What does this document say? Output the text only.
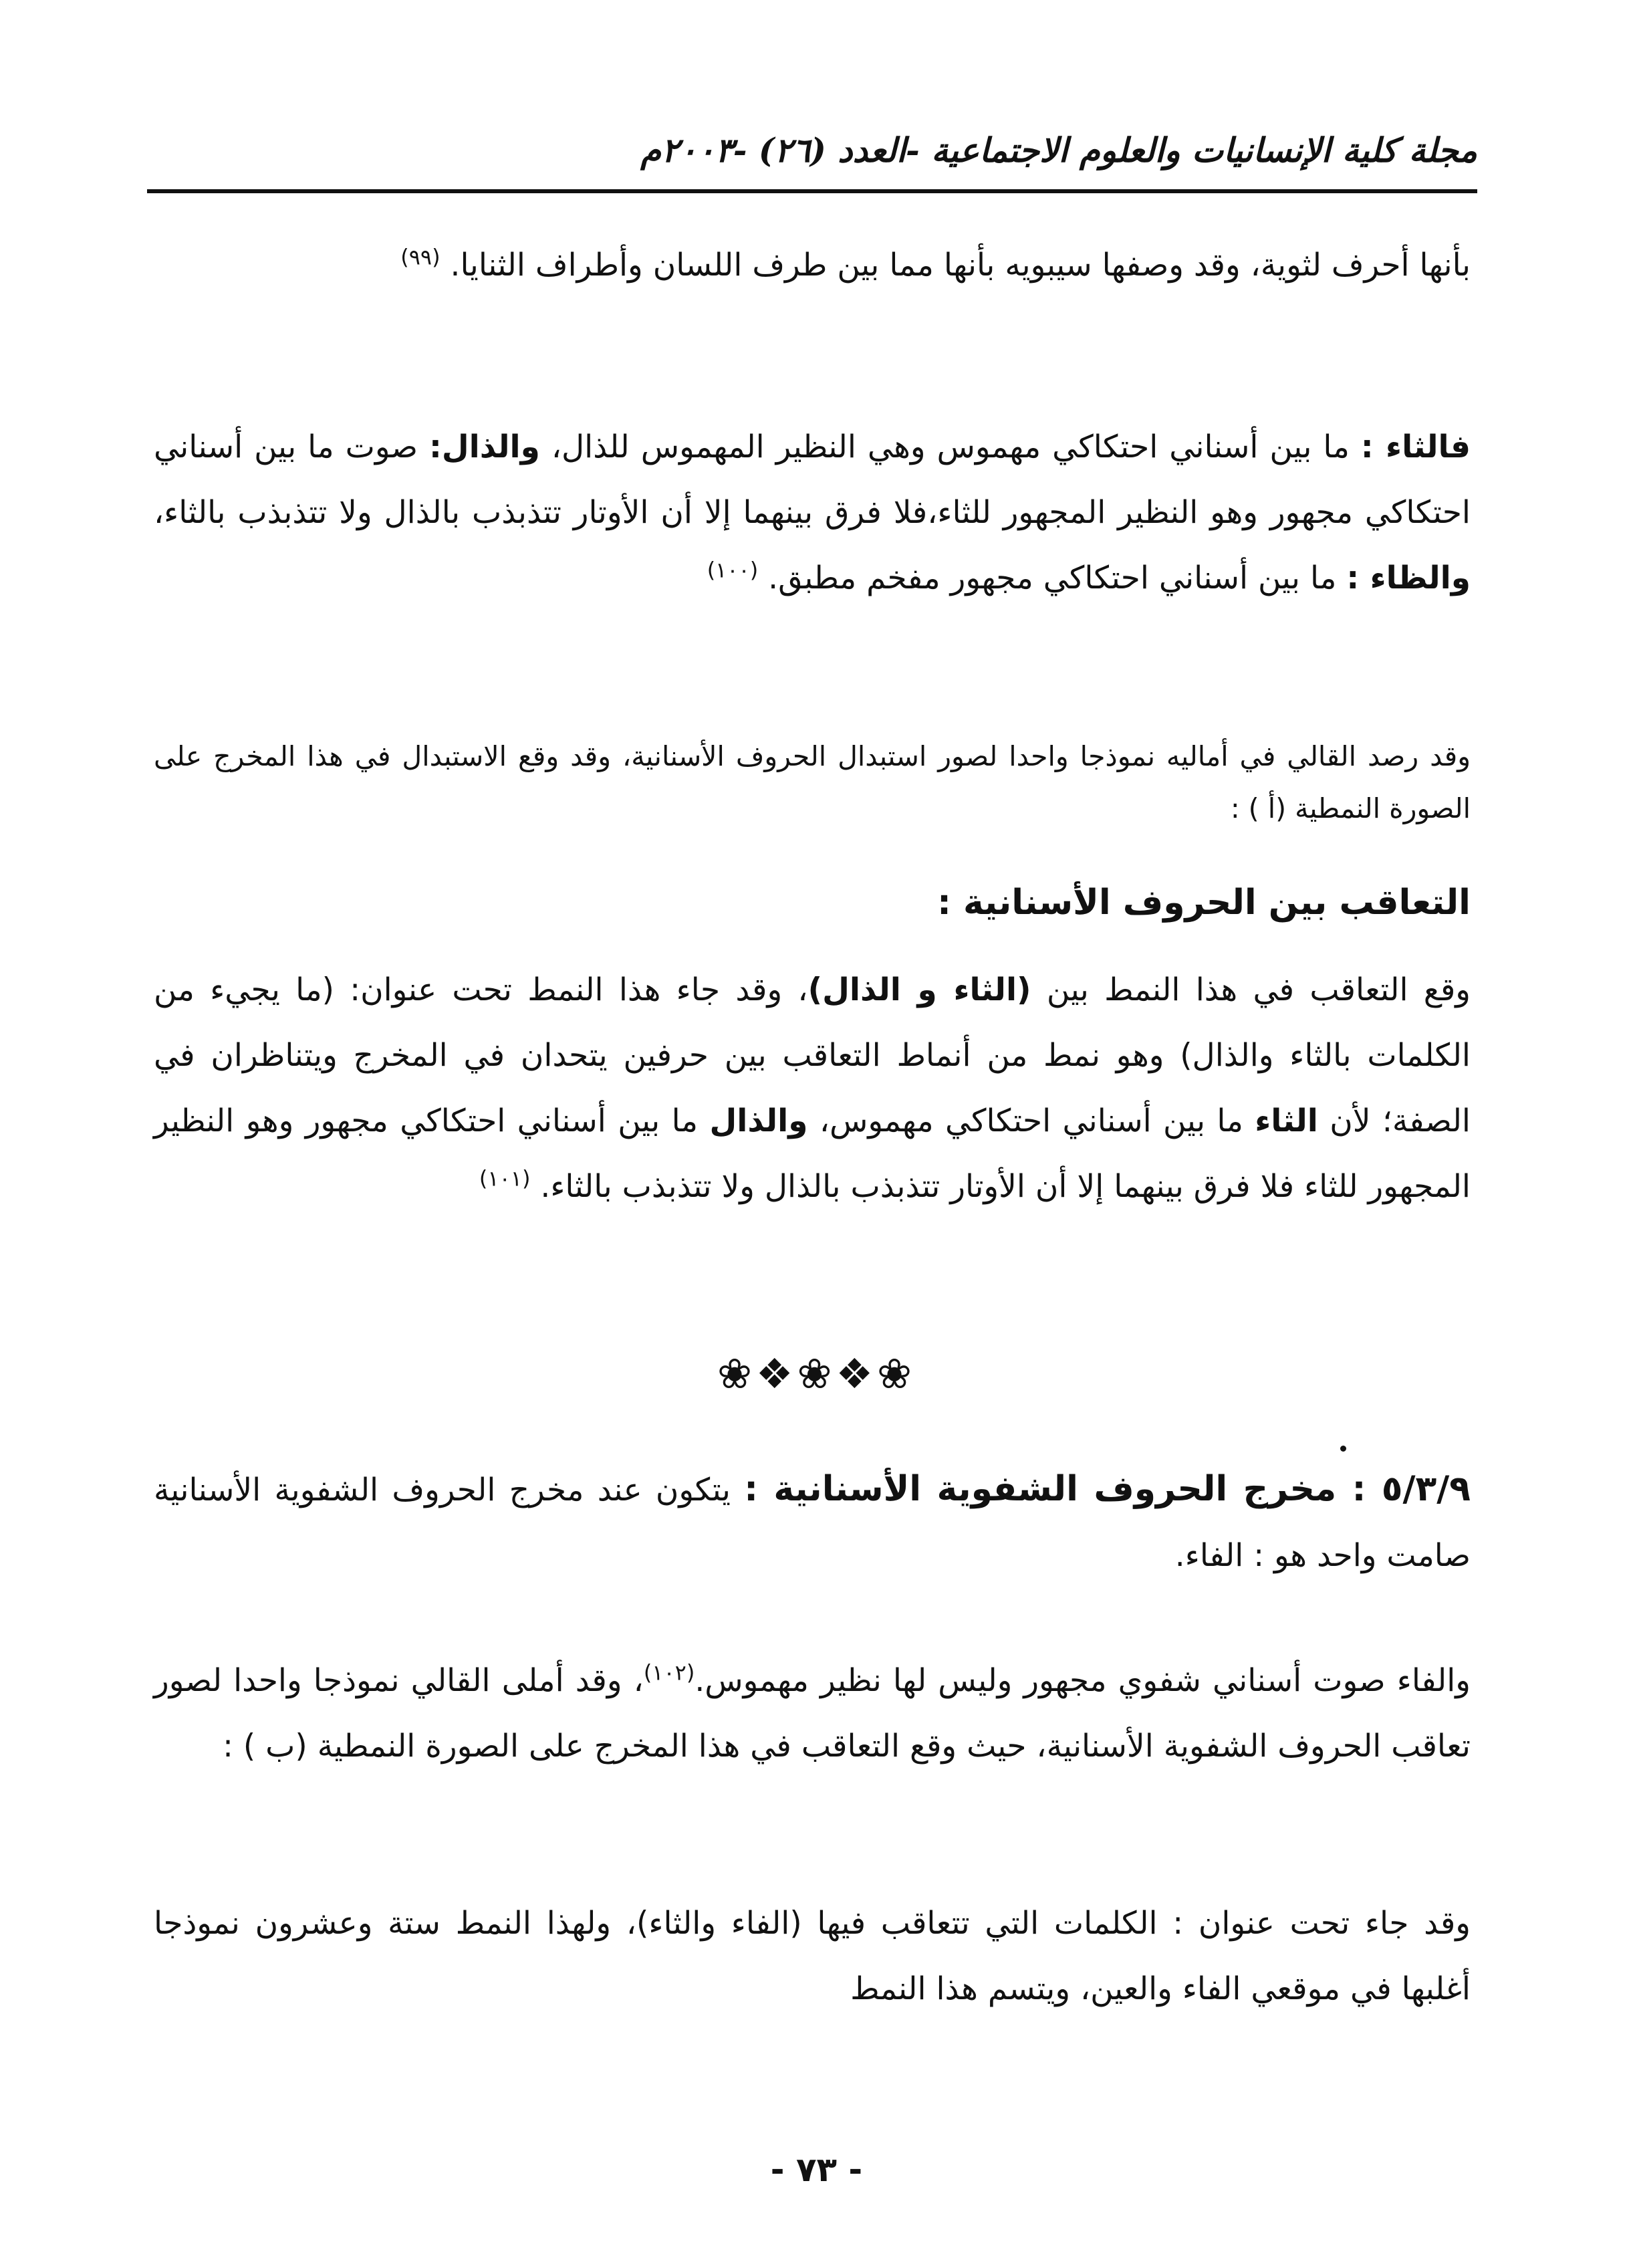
مجلة كلية الإنسانيات والعلوم الاجتماعية -العدد (٢٦) -٢٠٠٣م

بأنها أحرف لثوية، وقد وصفها سيبويه بأنها مما بين طرف اللسان وأطراف الثنايا. $^{(٩٩)}$

فالثاء : ما بين أسناني احتكاكي مهموس وهي النظير المهموس للذال، والذال: صوت ما بين أسناني احتكاكي مجهور وهو النظير المجهور للثاء،فلا فرق بينهما إلا أن الأوتار تتذبذب بالذال ولا تتذبذب بالثاء، والظاء : ما بين أسناني احتكاكي مجهور مفخم مطبق. $^{(١٠٠)}$

وقد رصد القالي في أماليه نموذجا واحدا لصور استبدال الحروف الأسنانية، وقد وقع الاستبدال في هذا المخرج على الصورة النمطية (أ ) :

التعاقب بين الحروف الأسنانية :

وقع التعاقب في هذا النمط بين (الثاء و الذال)، وقد جاء هذا النمط تحت عنوان: (ما يجيء من الكلمات بالثاء والذال) وهو نمط من أنماط التعاقب بين حرفين يتحدان في المخرج ويتناظران في الصفة؛ لأن الثاء ما بين أسناني احتكاكي مهموس، والذال ما بين أسناني احتكاكي مجهور وهو النظير المجهور للثاء فلا فرق بينهما إلا أن الأوتار تتذبذب بالذال ولا تتذبذب بالثاء. $^{(١٠١)}$

❀❖❀❖❀

٥/٣/٩ : مخرج الحروف الشفوية الأسنانية : يتكون عند مخرج الحروف الشفوية الأسنانية صامت واحد هو : الفاء.

والفاء صوت أسناني شفوي مجهور وليس لها نظير مهموس.$^{(١٠٢)}$، وقد أملى القالي نموذجا واحدا لصور تعاقب الحروف الشفوية الأسنانية، حيث وقع التعاقب في هذا المخرج على الصورة النمطية (ب ) :

وقد جاء تحت عنوان : الكلمات التي تتعاقب فيها (الفاء والثاء)، ولهذا النمط ستة وعشرون نموذجا أغلبها في موقعي الفاء والعين، ويتسم هذا النمط

- ٧٣ -
